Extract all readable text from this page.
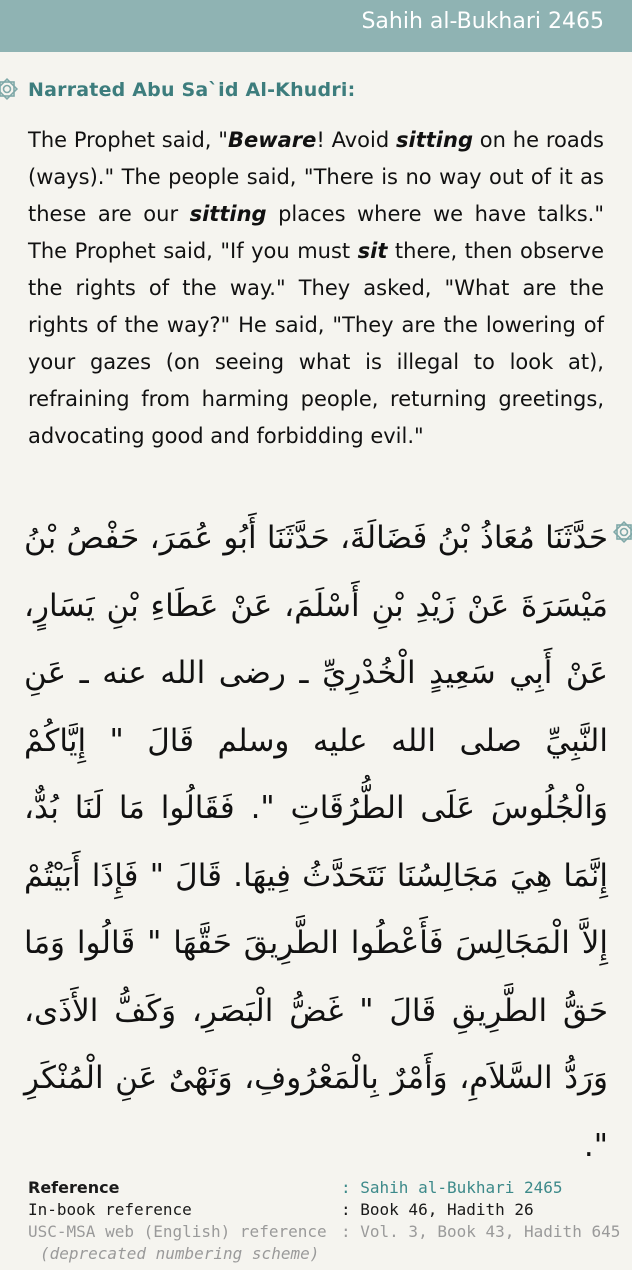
Sahih al-Bukhari 2465
Narrated Abu Sa`id Al-Khudri:

The Prophet said, "Beware! Avoid sitting on he roads (ways)." The people said, "There is no way out of it as these are our sitting places where we have talks." The Prophet said, "If you must sit there, then observe the rights of the way." They asked, "What are the rights of the way?" He said, "They are the lowering of your gazes (on seeing what is illegal to look at), refraining from harming people, returning greetings, advocating good and forbidding evil."

حَدَّثَنَا مُعَاذُ بْنُ فَضَالَةَ، حَدَّثَنَا أَبُو عُمَرَ، حَفْصُ بْنُ مَيْسَرَةَ عَنْ زَيْدِ بْنِ أَسْلَمَ، عَنْ عَطَاءِ بْنِ يَسَارٍ، عَنْ أَبِي سَعِيدٍ الْخُدْرِيِّ ـ رضى الله عنه ـ عَنِ النَّبِيِّ صلى الله عليه وسلم قَالَ " إِيَّاكُمْ وَالْجُلُوسَ عَلَى الطُّرُقَاتِ ". فَقَالُوا مَا لَنَا بُدٌّ، إِنَّمَا هِيَ مَجَالِسُنَا نَتَحَدَّثُ فِيهَا. قَالَ " فَإِذَا أَبَيْتُمْ إِلاَّ الْمَجَالِسَ فَأَعْطُوا الطَّرِيقَ حَقَّهَا " قَالُوا وَمَا حَقُّ الطَّرِيقِ قَالَ " غَضُّ الْبَصَرِ، وَكَفُّ الأَذَى، وَرَدُّ السَّلاَمِ، وَأَمْرٌ بِالْمَعْرُوفِ، وَنَهْىٌ عَنِ الْمُنْكَرِ ".

Reference	: Sahih al-Bukhari 2465
In-book reference	: Book 46, Hadith 26
USC-MSA web (English) reference : Vol. 3, Book 43, Hadith 645
(deprecated numbering scheme)
